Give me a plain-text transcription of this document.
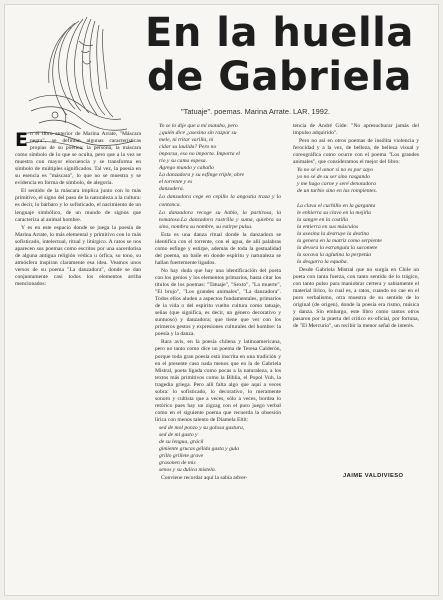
En la huella
de Gabriela

"Tatuaje". poemas. Marina Arrate. LAR. 1992.

En el libro anterior de Marina Arrate, "Máscara negra", se definían algunas características propias de su poética: la persona, la máscara como símbolo de lo que se oculta, pero que a la vez se muestra con mayor elocuencia y se transforma en símbolo de múltiples significados. Tal vez, la poesía en su esencia es "máscara", lo que no se muestra y se evidencia en forma de símbolo, de alegoría.

El sentido de la máscara implica junto con lo más primitivo, el signo del paso de la naturaleza a la cultura: es decir, lo bárbaro y lo sofisticado, el nacimiento de un lenguaje simbólico, de un mundo de signos que caracteriza al animal hombre.

Y es en este espacio donde se juega la poesía de Marina Arrate, lo más elemental y primitivo con lo más sofisticado, intelectual, ritual y litúrgico. A ratos se nos aparecen sus poemas como escritos por una sacerdotisa de alguna antigua religión védica u órfica, su tono, su atmósfera inspiran claramente esa idea. Veamos unos versos de su poema "La danzadora", donde se dan conjuntamente casi todos los elementos arriba mencionados:

Yo se lo dije que a mí mataba, pero
¿quién dice ¿asesina sin razpar su
mele, ni tritar varilla, ni
cidar su laulida? Pero no
imporsa, eso no importa. Importa el
río y su cama espesa.
Agrego mundo y caballo
La danzadora y su esfinge triple, abre
el torrente y es
danzadera.

La danzadora cege en cepillo la angostia traza y lo contonca.

La danzadora recoge su hablo, la partirosa, la tomatoso.La danzadora rastrilla y suma, quiebra su sino, nombra su nombre, su estirpe pulsa.

Esta es una danza ritual donde la danzadora se identifica con el torrente, con el agua, de allí palabras como esfinge y estirpe, además de toda la gestualidad del poema, un baile en donde espíritu y naturaleza se hallan fuertemente ligados.

No hay duda que hay una identificación del poeta con los genios y los elementos primarios, basta citar los títulos de los poemas: "Tatuaje", "Sexto", "La muerte", "El brujo", "Los grandes animales", "La danzadora". Todos ellos aluden a aspectos fundamentales, primarios de la vida o del espíritu vuelto cultura como tatuaje, señas (que significa, es decir, un género decorativo y suntuoso) y danzadora; que tiene que ver con los primeros gestos y expresiones culturales del hombre: la poesía y la danza.

Rara avis, en la poesía chilena y latinoamericana, pero no tanto como dice un poema de Teresa Calderón, porque toda gran poesía está inscrita en una tradición y en el presente caso nada menos que en la de Gabriela Mistral, poeta ligada como pocas a la naturaleza, a los textos más primitivos como la Biblia, el Popol Vuh, la tragedia griega. Pero allí falta algo que aquí a veces sobra: lo sofisticado, lo decorativo, lo meramente sonoro y cultista que a veces, sólo a veces, bordea lo retórico pues hay un zigzag con el puro juego verbal como en el siguiente poema que recuerda la obsesión lírica con menos talento de Diamela Eltit:

sed de mol ponzo y su golosa gastura,
sed de mi gusto y
de su lengua, grácil
gimiente grucas gélida gasta y gula
grillo grillete grave
grasonen de mis
senos y su dulica mistela.

Conviene recordar aquí la sabia adver-

tencia de André Gide: "No apresuchurar jamás del impulso adquirido".

Pero no así en otros poemas de insólita violencia y ferocidad y a la vez, de belleza, de belleza visual y coreográfica como ocurre con el poema "Los grandes animales", que consideramos el mejor del libro:

Yo no sé el amor si no es por sayo
yo no sé de su ser sino rasgando
y me hago carne y seré denotadora
de un turbio sino en las rompientes.

La clava el cuchillo en la garganta
le enhierra su clavo en la mejilla
la sangre en la costilla
la entierra en sus músculos
la asesina la destruye la destina
la genera en la matriz como serpiente
la devora la estrangula la sacomete
la socava la aglutina la perpetúa
la desgarra la equaba.

Desde Gabriela Mistral que no surgía en Chile un poeta con tanta fuerza, con tanto sentido de lo trágico, con tanto pulso para maniobrar certera y sabiamente el material lírico, lo cual es, a ratos, cuando no cae en el puro verbalismo, otra muestra de su sentido de lo original (de origen), donde la poesía era rismo, música y danza. Sin embargo, este libro como tantos otros pasaron por la puerta del crítico ex-oficial, por fortuna, de "El Mercurio", un recibir la menor señal de interés.

JAIME VALDIVIESO
